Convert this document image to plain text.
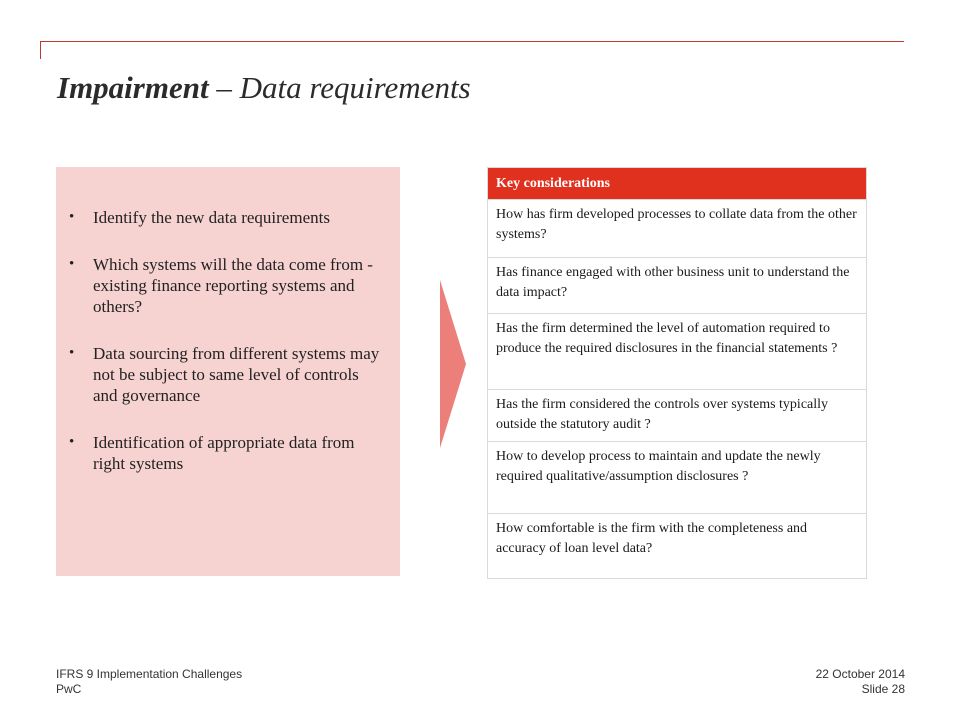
Impairment – Data requirements
• Identify the new data requirements
• Which systems will the data come from - existing finance reporting systems and others?
• Data sourcing from different systems may not be subject to same level of controls and governance
• Identification of appropriate data from right systems
Key considerations
How has firm developed processes to collate data from the other systems?
Has finance engaged with other business unit to understand the data impact?
Has the firm determined the level of automation required to produce the required disclosures in the financial statements ?
Has the firm considered the controls over systems typically outside the statutory audit ?
How to develop process to maintain and update the newly required qualitative/assumption disclosures ?
How comfortable is the firm with the completeness and accuracy of loan level data?
IFRS 9 Implementation Challenges
PwC
22 October 2014
Slide 28
